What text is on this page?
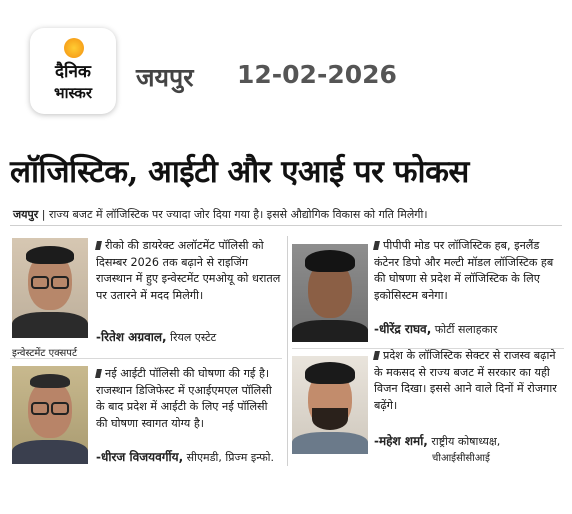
दैनिक
भास्कर
जयपुर 12-02-2026
लॉजिस्टिक, आईटी और एआई पर फोकस
जयपुर | राज्य बजट में लॉजिस्टिक पर ज्यादा जोर दिया गया है। इससे औद्योगिक विकास को गति मिलेगी।
रीको की डायरेक्ट अलॉटमेंट पॉलिसी को दिसम्बर 2026 तक बढ़ाने से राइजिंग राजस्थान में हुए इन्वेस्टमेंट एमओयू को धरातल पर उतारने में मदद मिलेगी।
-रितेश अग्रवाल, रियल एस्टेट
इन्वेस्टमेंट एक्सपर्ट
पीपीपी मोड पर लॉजिस्टिक हब, इनलैंड कंटेनर डिपो और मल्टी मॉडल लॉजिस्टिक हब की घोषणा से प्रदेश में लॉजिस्टिक के लिए इकोसिस्टम बनेगा।
-धीरेंद्र राघव, फोर्टी सलाहकार
नई आईटी पॉलिसी की घोषणा की गई है। राजस्थान डिजिफेस्ट में एआईएमएल पॉलिसी के बाद प्रदेश में आईटी के लिए नई पॉलिसी की घोषणा स्वागत योग्य है।
-धीरज विजयवर्गीय, सीएमडी, प्रिज्म इन्फो.
प्रदेश के लॉजिस्टिक सेक्टर से राजस्व बढ़ाने के मकसद से राज्य बजट में सरकार का यही विजन दिखा। इससे आने वाले दिनों में रोजगार बढ़ेंगे।
-महेश शर्मा, राष्ट्रीय कोषाध्यक्ष,
चीआईसीसीआई
